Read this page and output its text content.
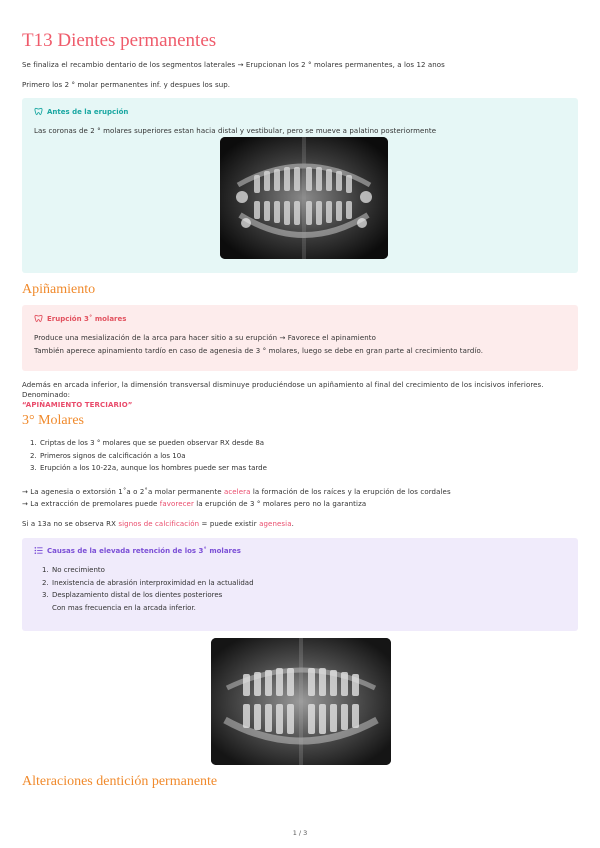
T13 Dientes permanentes
Se finaliza el recambio dentario de los segmentos laterales → Erupcionan los 2 ° molares permanentes, a los 12 anos
Primero los 2 ° molar permanentes inf. y despues los sup.
Antes de la erupción
Las coronas de 2 ° molares superiores estan hacia distal y vestibular, pero se mueve a palatino posteriormente
Apiñamiento
Erupción 3˚ molares
Produce una mesialización de la arca para hacer sitio a su erupción → Favorece el apinamiento
También aperece apinamiento tardío en caso de agenesia de 3 ° molares, luego se debe en gran parte al crecimiento tardío.
Además en arcada inferior, la dimensión transversal disminuye produciéndose un apiñamiento al final del crecimiento de los incisivos inferiores. Denominado:
“APIÑAMIENTO TERCIARIO”
3° Molares
1. Criptas de los 3 ° molares que se pueden observar RX desde 8a
2. Primeros signos de calcificación a los 10a
3. Erupción a los 10-22a, aunque los hombres puede ser mas tarde
→ La agenesia o extorsión 1˚a o 2˚a molar permanente acelera la formación de los raíces y la erupción de los cordales
→ La extracción de premolares puede favorecer la erupción de 3 ° molares pero no la garantiza
Si a 13a no se observa RX signos de calcificación = puede existir agenesia.
Causas de la elevada retención de los 3˚ molares
1. No crecimiento
2. Inexistencia de abrasión interproximidad en la actualidad
3. Desplazamiento distal de los dientes posteriores
Con mas frecuencia en la arcada inferior.
Alteraciones dentición permanente
1 / 3
